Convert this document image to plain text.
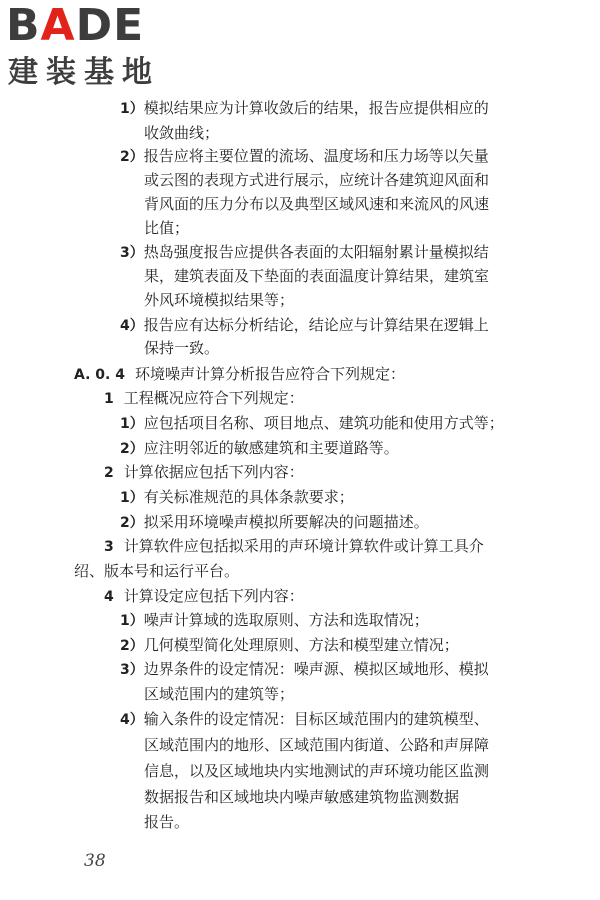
BADE
建装基地
1）模拟结果应为计算收敛后的结果，报告应提供相应的
收敛曲线；
2）报告应将主要位置的流场、温度场和压力场等以矢量
或云图的表现方式进行展示，应统计各建筑迎风面和
背风面的压力分布以及典型区域风速和来流风的风速
比值；
3）热岛强度报告应提供各表面的太阳辐射累计量模拟结
果，建筑表面及下垫面的表面温度计算结果，建筑室
外风环境模拟结果等；
4）报告应有达标分析结论，结论应与计算结果在逻辑上
保持一致。
A. 0. 4 环境噪声计算分析报告应符合下列规定：
1 工程概况应符合下列规定：
1）应包括项目名称、项目地点、建筑功能和使用方式等；
2）应注明邻近的敏感建筑和主要道路等。
2 计算依据应包括下列内容：
1）有关标准规范的具体条款要求；
2）拟采用环境噪声模拟所要解决的问题描述。
3 计算软件应包括拟采用的声环境计算软件或计算工具介
绍、版本号和运行平台。
4 计算设定应包括下列内容：
1）噪声计算域的选取原则、方法和选取情况；
2）几何模型简化处理原则、方法和模型建立情况；
3）边界条件的设定情况：噪声源、模拟区域地形、模拟
区域范围内的建筑等；
4）输入条件的设定情况：目标区域范围内的建筑模型、
区域范围内的地形、区域范围内街道、公路和声屏障
信息，以及区域地块内实地测试的声环境功能区监测
数据报告和区域地块内噪声敏感建筑物监测数据
报告。
38
